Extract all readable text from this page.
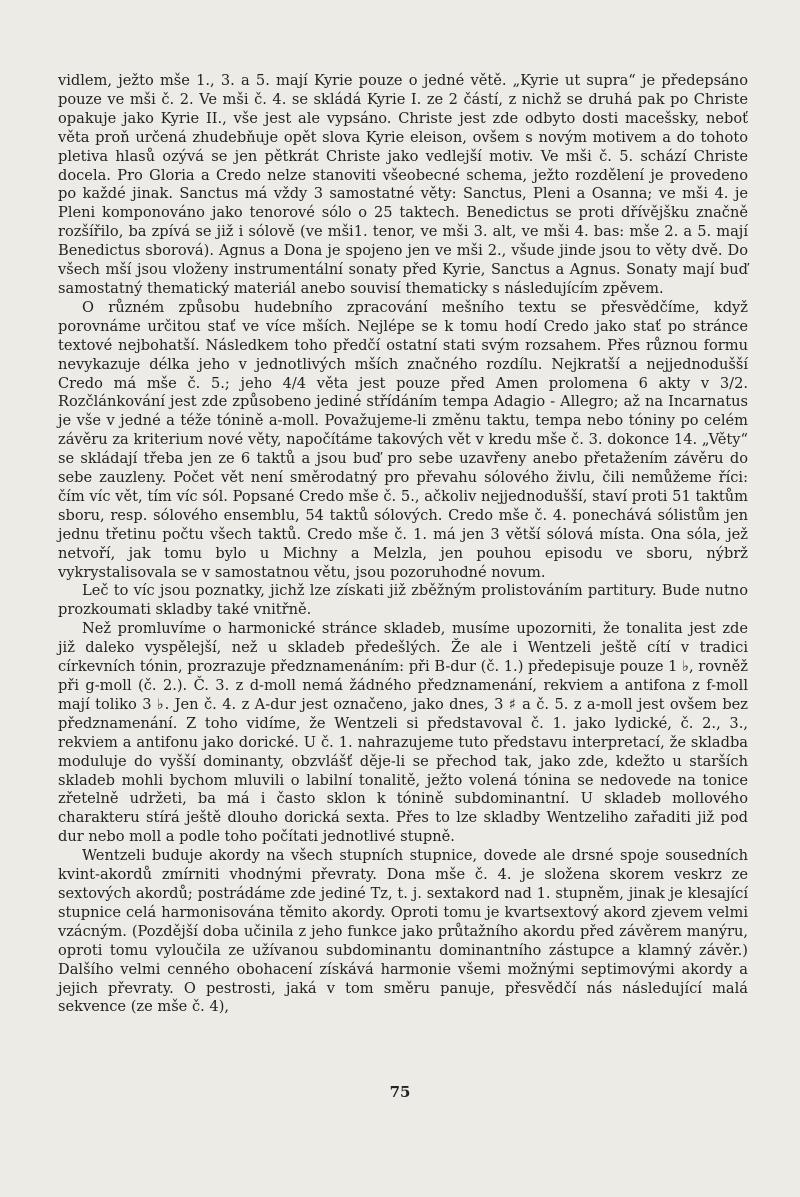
vidlem, ježto mše 1., 3. a 5. mají Kyrie pouze o jedné větě. „Kyrie ut supra“ je předepsáno pouze ve mši č. 2. Ve mši č. 4. se skládá Kyrie I. ze 2 částí, z nichž se druhá pak po Christe opakuje jako Kyrie II., vše jest ale vypsáno. Christe jest zde odbyto dosti macešsky, neboť věta proň určená zhudebňuje opět slova Kyrie eleison, ovšem s novým motivem a do tohoto pletiva hlasů ozývá se jen pětkrát Christe jako vedlejší motiv. Ve mši č. 5. schází Christe docela. Pro Gloria a Credo nelze stanoviti všeobecné schema, ježto rozdělení je provedeno po každé jinak. Sanctus má vždy 3 samostatné věty: Sanctus, Pleni a Osanna; ve mši 4. je Pleni komponováno jako tenorové sólo o 25 taktech. Benedictus se proti dřívějšku značně rozšířilo, ba zpívá se již i sólově (ve mši1. tenor, ve mši 3. alt, ve mši 4. bas: mše 2. a 5. mají Benedictus sborová). Agnus a Dona je spojeno jen ve mši 2., všude jinde jsou to věty dvě. Do všech mší jsou vloženy instrumentální sonaty před Kyrie, Sanctus a Agnus. Sonaty mají buď samostatný thematický materiál anebo souvisí thematicky s následujícím zpěvem.

O různém způsobu hudebního zpracování mešního textu se přesvědčíme, když porovnáme určitou stať ve více mších. Nejlépe se k tomu hodí Credo jako stať po stránce textové nejbohatší. Následkem toho předčí ostatní stati svým rozsahem. Přes různou formu nevykazuje délka jeho v jednotlivých mších značného rozdílu. Nejkratší a nejjednodušší Credo má mše č. 5.; jeho 4/4 věta jest pouze před Amen prolomena 6 akty v 3/2. Rozčlánkování jest zde způsobeno jediné střídáním tempa Adagio - Allegro; až na Incarnatus je vše v jedné a téže tónině a-moll. Považujeme-li změnu taktu, tempa nebo tóniny po celém závěru za kriterium nové věty, napočítáme takových vět v kredu mše č. 3. dokonce 14. „Věty“ se skládají třeba jen ze 6 taktů a jsou buď pro sebe uzavřeny anebo přetažením závěru do sebe zauzleny. Počet vět není směrodatný pro převahu sólového živlu, čili nemůžeme říci: čím víc vět, tím víc sól. Popsané Credo mše č. 5., ačkoliv nejjednodušší, staví proti 51 taktům sboru, resp. sólového ensemblu, 54 taktů sólových. Credo mše č. 4. ponechává sólistům jen jednu třetinu počtu všech taktů. Credo mše č. 1. má jen 3 větší sólová místa. Ona sóla, jež netvoří, jak tomu bylo u Michny a Melzla, jen pouhou episodu ve sboru, nýbrž vykrystalisovala se v samostatnou větu, jsou pozoruhodné novum.

Leč to víc jsou poznatky, jichž lze získati již zběžným prolistováním partitury. Bude nutno prozkoumati skladby také vnitřně.

Než promluvíme o harmonické stránce skladeb, musíme upozorniti, že tonalita jest zde již daleko vyspělejší, než u skladeb předešlých. Že ale i Wentzeli ještě cítí v tradici církevních tónin, prozrazuje předznamenáním: při B-dur (č. 1.) předepisuje pouze 1 ♭, rovněž při g-moll (č. 2.). Č. 3. z d-moll nemá žádného předznamenání, rekviem a antifona z f-moll mají toliko 3 ♭. Jen č. 4. z A-dur jest označeno, jako dnes, 3 ♯ a č. 5. z a-moll jest ovšem bez předznamenání. Z toho vidíme, že Wentzeli si představoval č. 1. jako lydické, č. 2., 3., rekviem a antifonu jako dorické. U č. 1. nahrazujeme tuto představu interpretací, že skladba moduluje do vyšší dominanty, obzvlášť děje-li se přechod tak, jako zde, kdežto u starších skladeb mohli bychom mluvili o labilní tonalitě, ježto volená tónina se nedovede na tonice zřetelně udržeti, ba má i často sklon k tónině subdominantní. U skladeb mollového charakteru stírá ještě dlouho dorická sexta. Přes to lze skladby Wentzeliho zařaditi již pod dur nebo moll a podle toho počítati jednotlivé stupně.

Wentzeli buduje akordy na všech stupních stupnice, dovede ale drsné spoje sousedních kvint-akordů zmírniti vhodnými převraty. Dona mše č. 4. je složena skorem veskrz ze sextových akordů; postrádáme zde jediné Tz, t. j. sextakord nad 1. stupněm, jinak je klesající stupnice celá harmonisována těmito akordy. Oproti tomu je kvartsextový akord zjevem velmi vzácným. (Pozdější doba učinila z jeho funkce jako průtažního akordu před závěrem manýru, oproti tomu vyloučila ze užívanou subdominantu dominantního zástupce a klamný závěr.) Dalšího velmi cenného obohacení získává harmonie všemi možnými septimovými akordy a jejich převraty. O pestrosti, jaká v tom směru panuje, přesvědčí nás následující malá sekvence (ze mše č. 4),

75
